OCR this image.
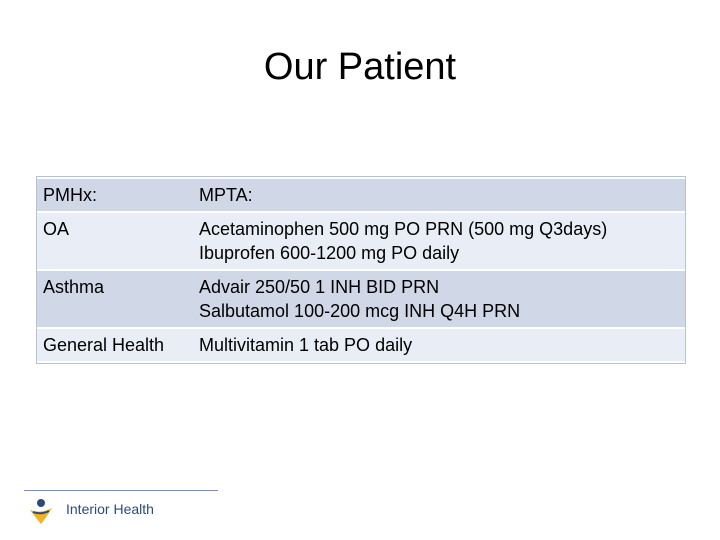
Our Patient
PMHx:	MPTA:
OA	Acetaminophen 500 mg PO PRN (500 mg Q3days)
Ibuprofen 600-1200 mg PO daily

Asthma	Advair 250/50 1 INH BID PRN
Salbutamol 100-200 mcg INH Q4H PRN

General Health	Multivitamin 1 tab PO daily
Interior Health
